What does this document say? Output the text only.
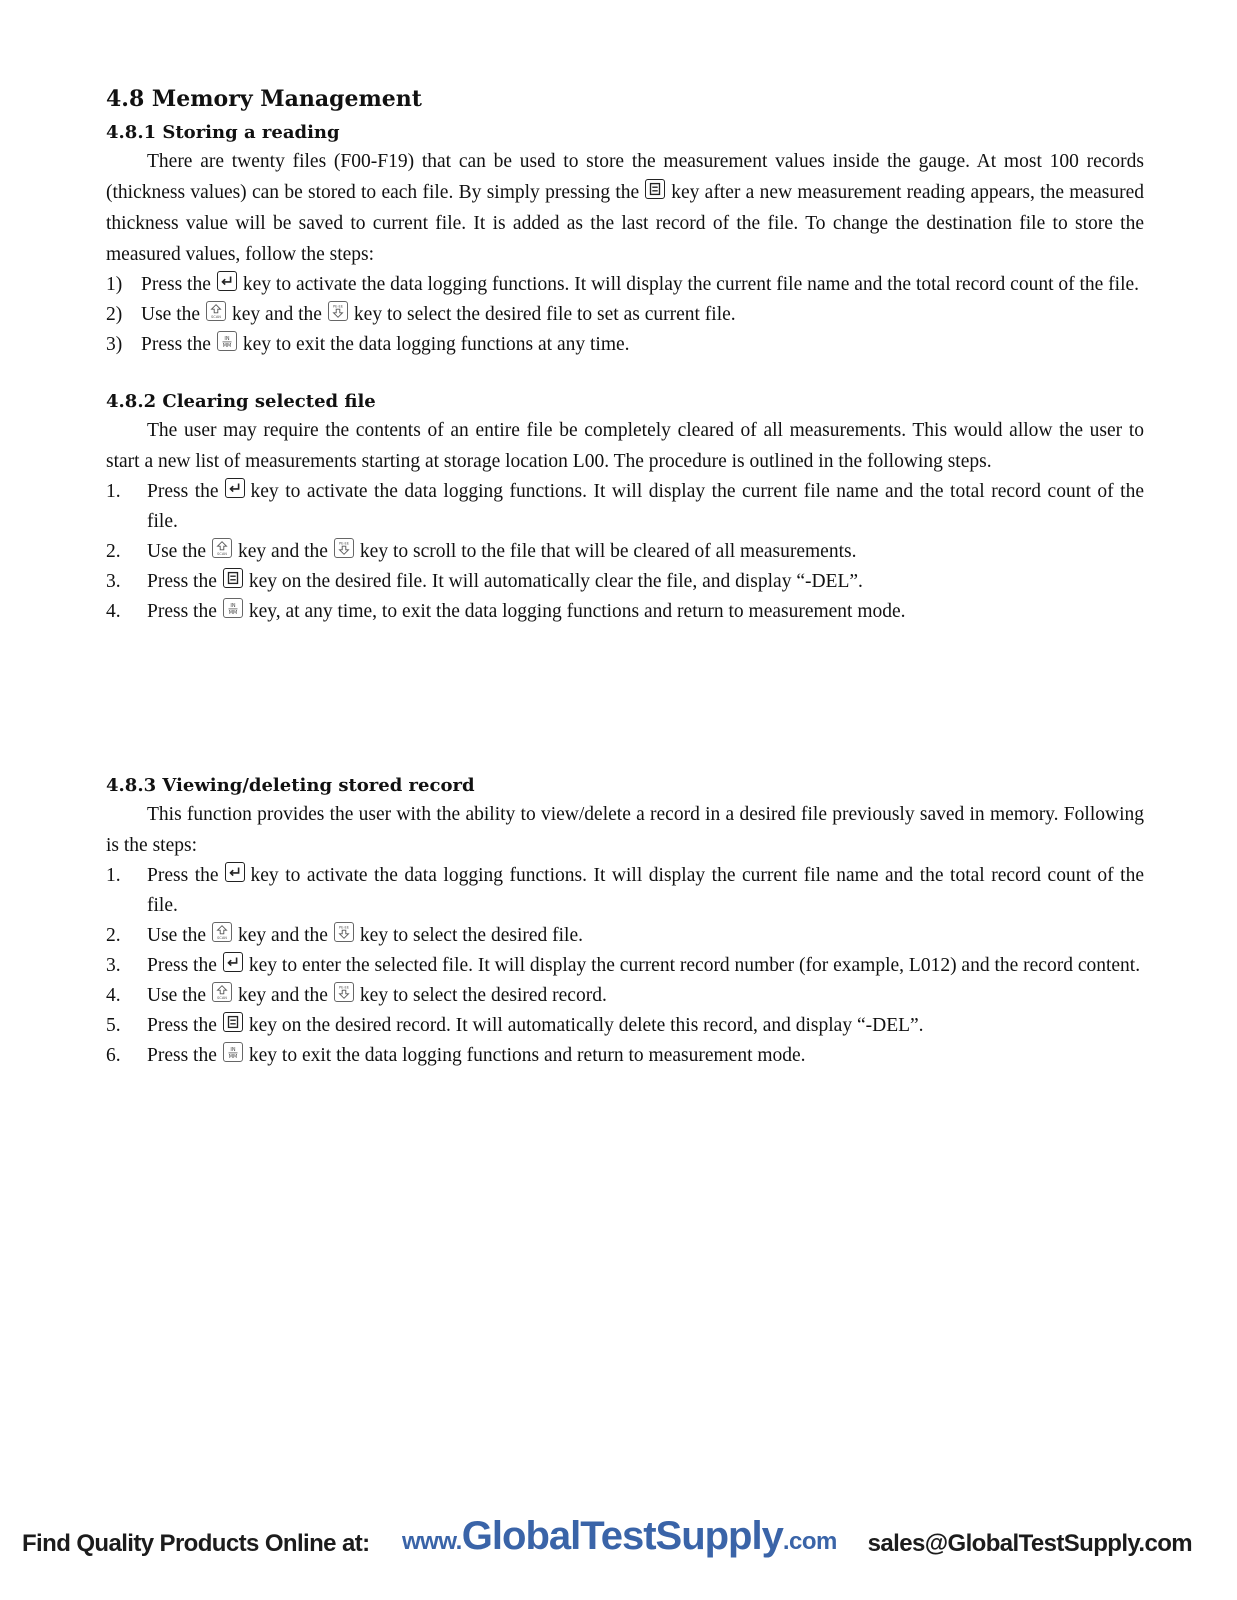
4.8 Memory Management
4.8.1 Storing a reading

There are twenty files (F00-F19) that can be used to store the measurement values inside the gauge. At most 100 records (thickness values) can be stored to each file. By simply pressing the key after a new measurement reading appears, the measured thickness value will be saved to current file. It is added as the last record of the file. To change the destination file to store the measured values, follow the steps:

1) Press the key to activate the data logging functions. It will display the current file name and the total record count of the file.
2) Use the	SCAN key and the	PE·EE key to select the desired file to set as current file.
3) Press the IN
MM key to exit the data logging functions at any time.
4.8.2 Clearing selected file

The user may require the contents of an entire file be completely cleared of all measurements. This would allow the user to start a new list of measurements starting at storage location L00. The procedure is outlined in the following steps.

1. Press the key to activate the data logging functions. It will display the current file name and the total record count of the file.
2. Use the	SCAN key and the	PE·EE key to scroll to the file that will be cleared of all measurements.
3. Press the key on the desired file. It will automatically clear the file, and display “-DEL”.
4. Press the IN
MM key, at any time, to exit the data logging functions and return to measurement mode.
4.8.3 Viewing/deleting stored record

This function provides the user with the ability to view/delete a record in a desired file previously saved in memory. Following is the steps:

1. Press the key to activate the data logging functions. It will display the current file name and the total record count of the file.
2. Use the	SCAN key and the	PE·EE key to select the desired file.
3. Press the key to enter the selected file. It will display the current record number (for example, L012) and the record content.
4. Use the	SCAN key and the	PE·EE key to select the desired record.
5. Press the key on the desired record. It will automatically delete this record, and display “-DEL”.
6. Press the IN
MM key to exit the data logging functions and return to measurement mode.
Find Quality Products Online at: www.GlobalTestSupply.com sales@GlobalTestSupply.com
